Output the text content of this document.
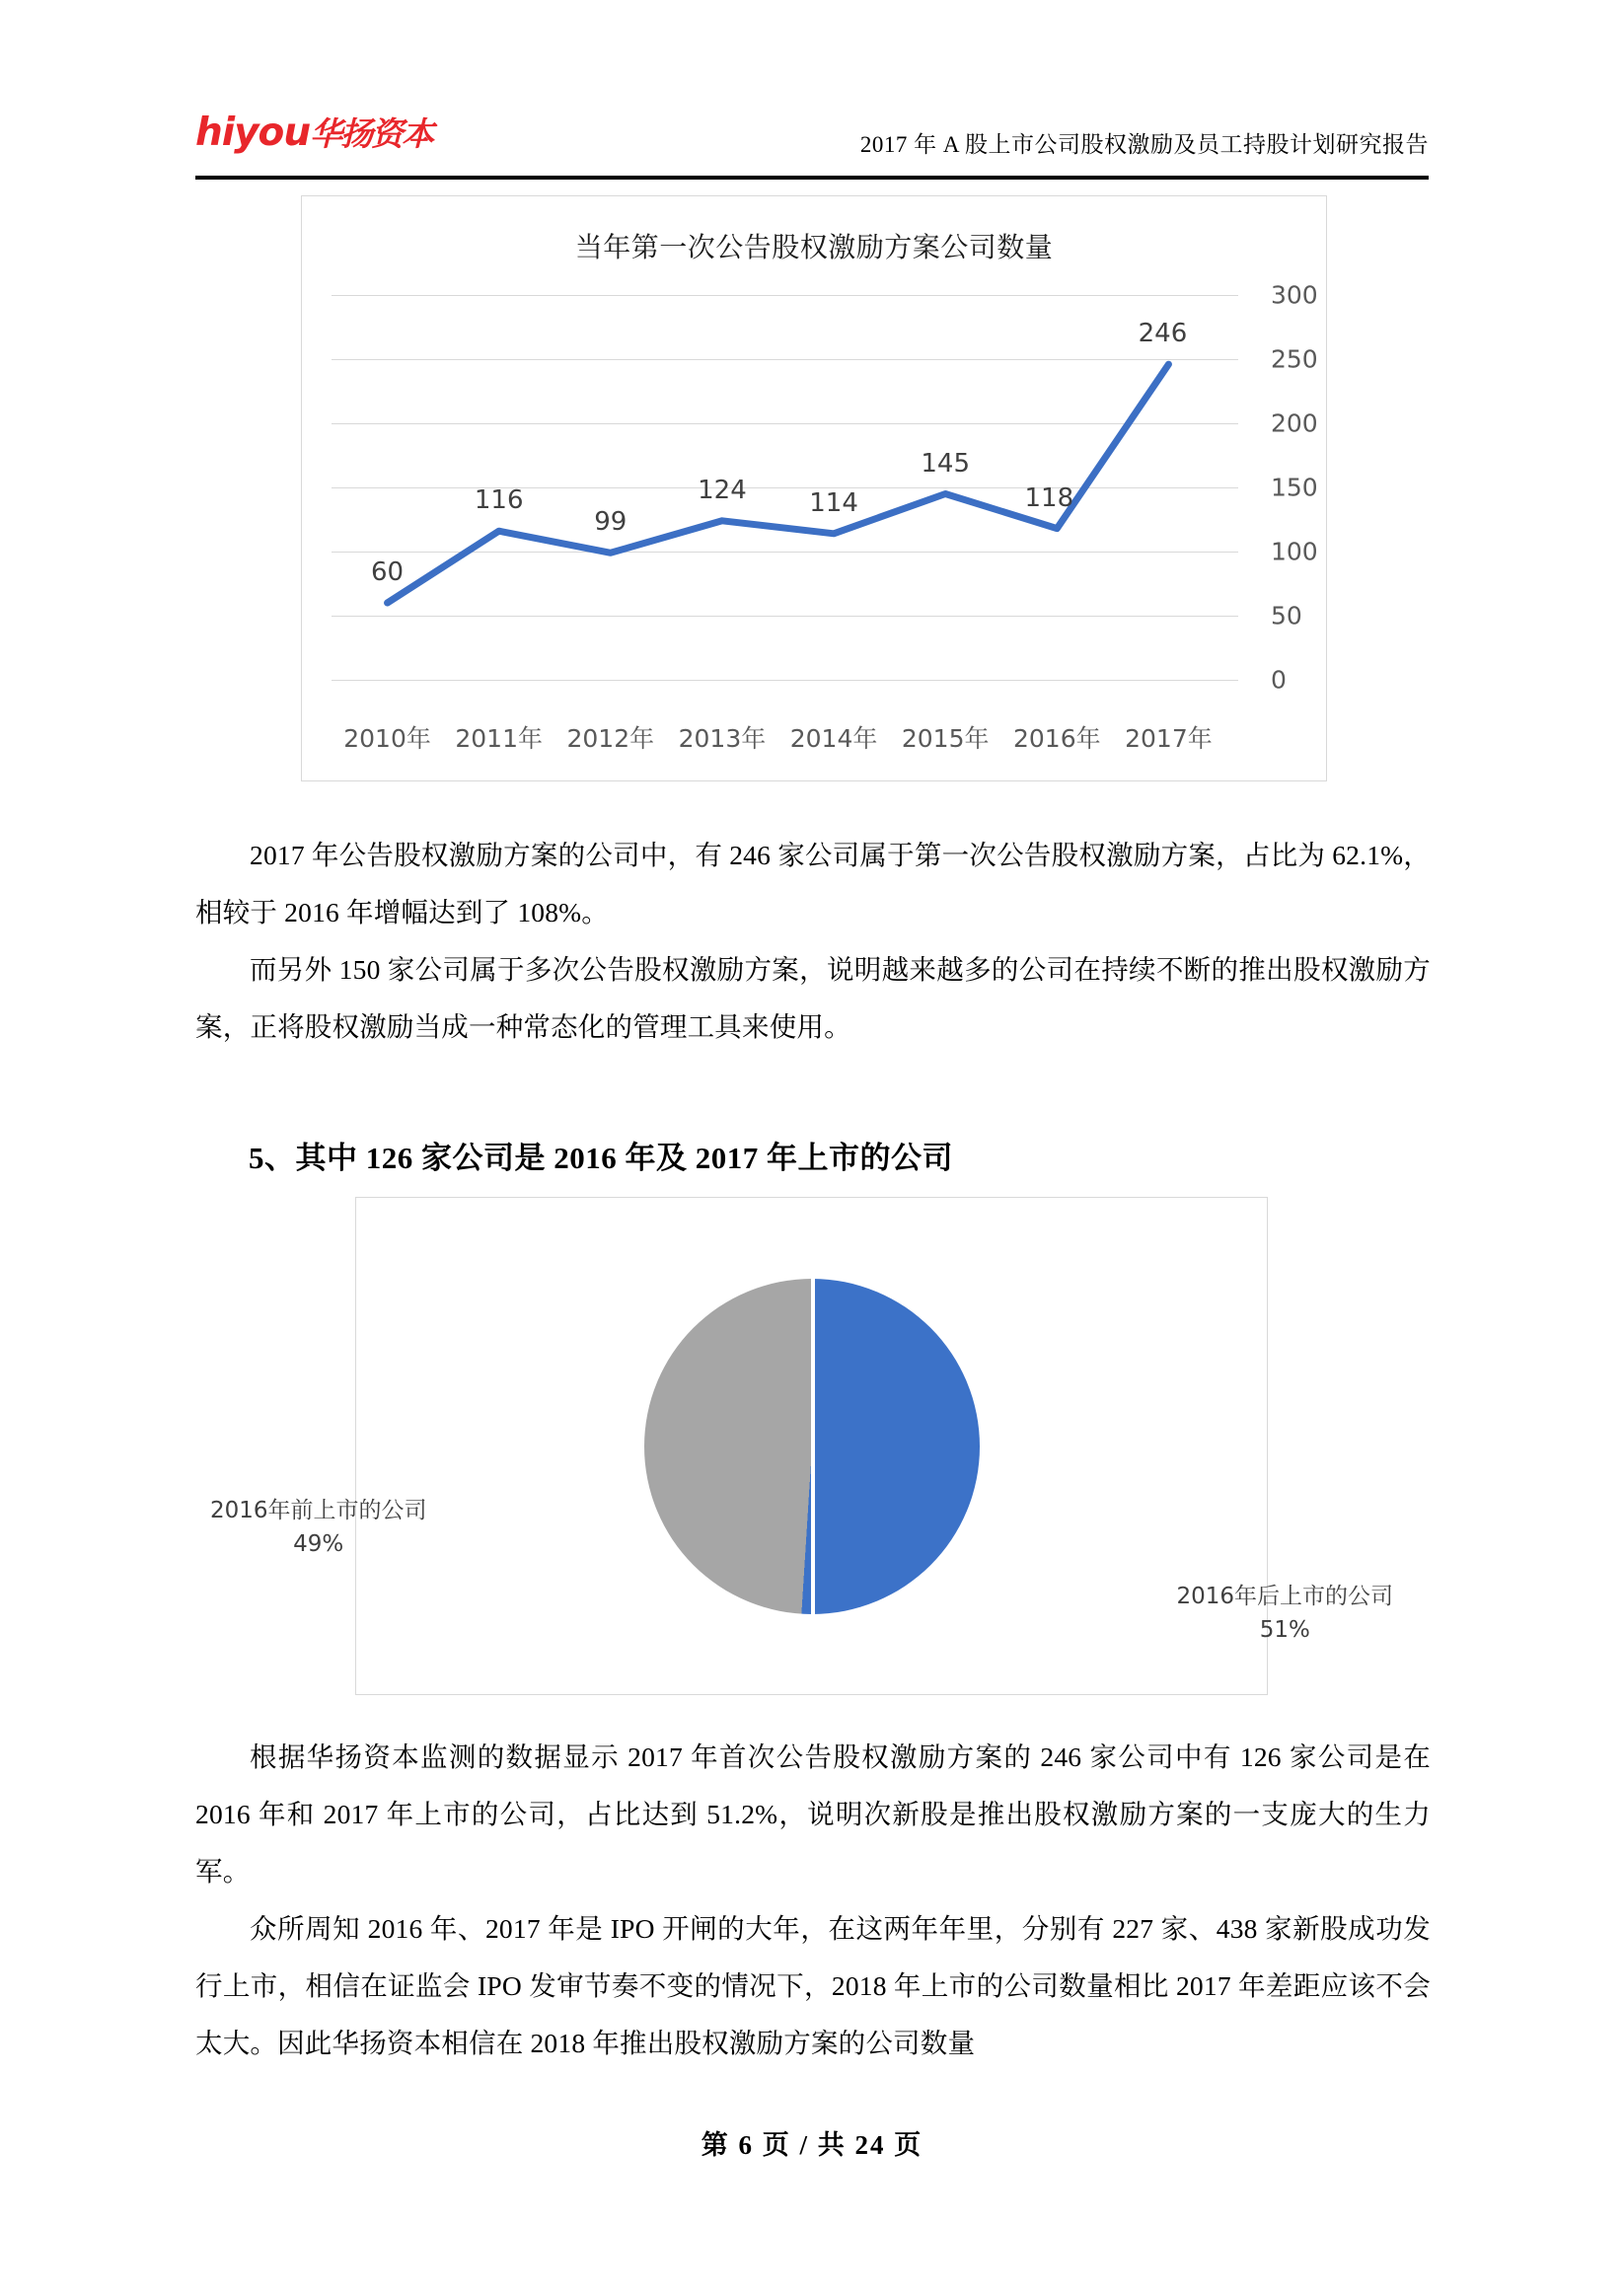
hiyou华扬资本	2017 年 A 股上市公司股权激励及员工持股计划研究报告
当年第一次公告股权激励方案公司数量
0
50
100
150
200
250
300
60
116
99
124 114
145
118
246
2010年 2011年 2012年 2013年 2014年 2015年 2016年 2017年
2017 年公告股权激励方案的公司中，有 246 家公司属于第一次公告股权激励方案，占比为 62.1%，相较于 2016 年增幅达到了 108%。
而另外 150 家公司属于多次公告股权激励方案，说明越来越多的公司在持续不断的推出股权激励方案，正将股权激励当成一种常态化的管理工具来使用。
5、其中 126 家公司是 2016 年及 2017 年上市的公司
2016年前上市的公司
49%
2016年后上市的公司
51%
根据华扬资本监测的数据显示 2017 年首次公告股权激励方案的 246 家公司中有 126 家公司是在 2016 年和 2017 年上市的公司，占比达到 51.2%，说明次新股是推出股权激励方案的一支庞大的生力军。
众所周知 2016 年、2017 年是 IPO 开闸的大年，在这两年年里，分别有 227 家、438 家新股成功发行上市，相信在证监会 IPO 发审节奏不变的情况下，2018 年上市的公司数量相比 2017 年差距应该不会太大。因此华扬资本相信在 2018 年推出股权激励方案的公司数量
第 6 页 / 共 24 页
